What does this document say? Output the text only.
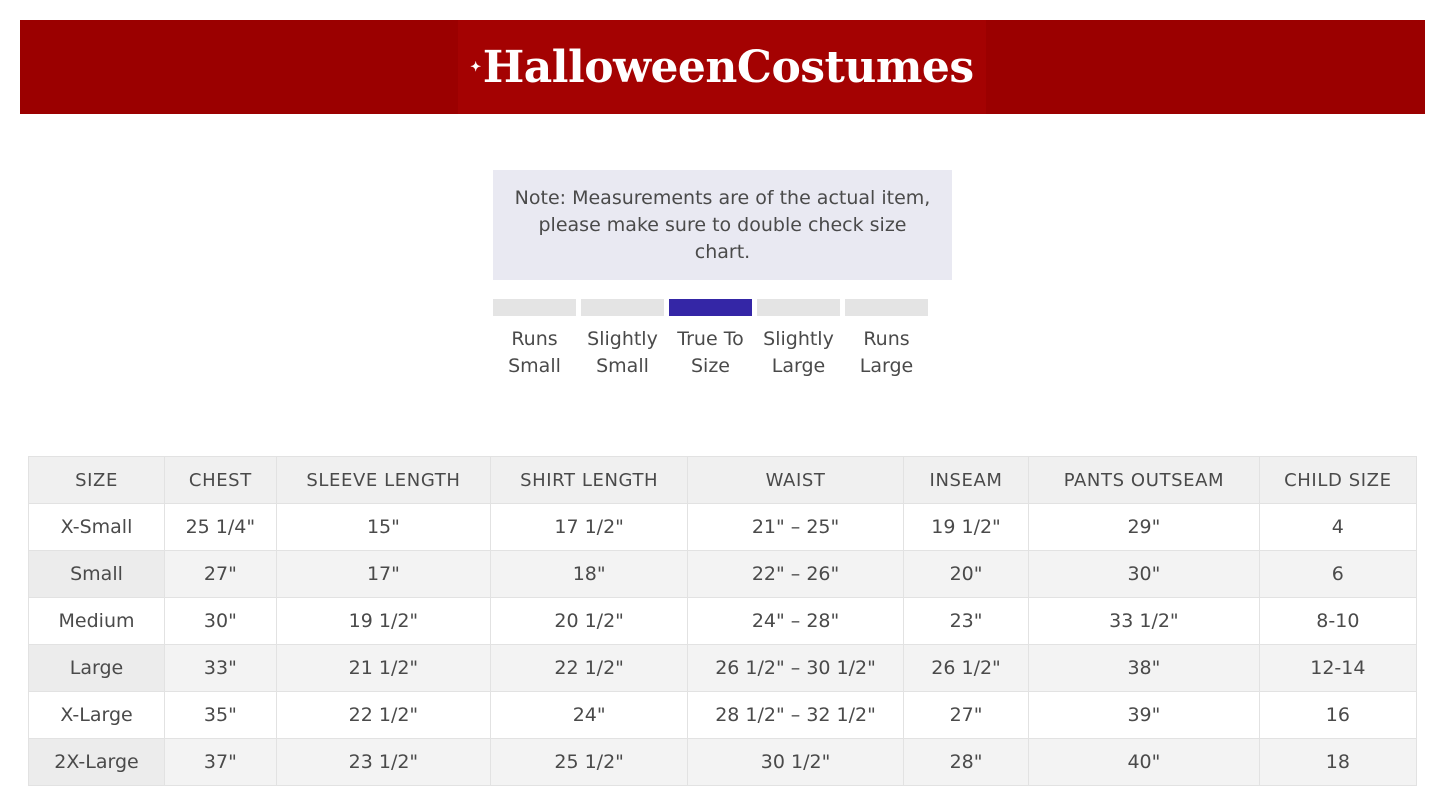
✦ HalloweenCostumes
Note: Measurements are of the actual item, please make sure to double check size chart.
Runs Small
Slightly Small
True To Size
Slightly Large
Runs Large
SIZE	CHEST	SLEEVE LENGTH	SHIRT LENGTH	WAIST	INSEAM	PANTS OUTSEAM	CHILD SIZE
X-Small	25 1/4"	15"	17 1/2"	21" – 25"	19 1/2"	29"	4
Small	27"	17"	18"	22" – 26"	20"	30"	6
Medium	30"	19 1/2"	20 1/2"	24" – 28"	23"	33 1/2"	8-10
Large	33"	21 1/2"	22 1/2"	26 1/2" – 30 1/2"	26 1/2"	38"	12-14
X-Large	35"	22 1/2"	24"	28 1/2" – 32 1/2"	27"	39"	16
2X-Large	37"	23 1/2"	25 1/2"	30 1/2"	28"	40"	18
